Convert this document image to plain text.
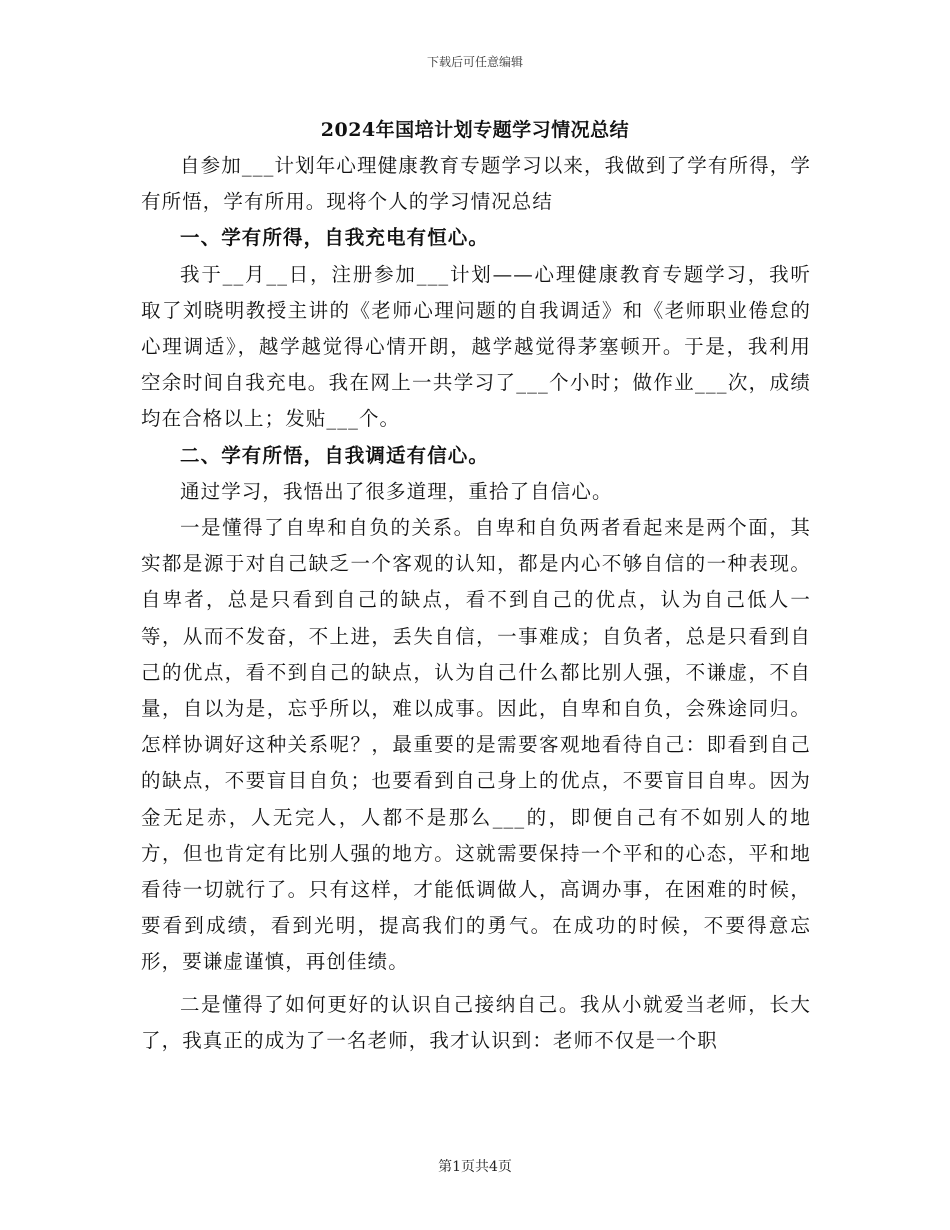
下载后可任意编辑
2024年国培计划专题学习情况总结

自参加___计划年心理健康教育专题学习以来，我做到了学有所得，学有所悟，学有所用。现将个人的学习情况总结

一、学有所得，自我充电有恒心。

我于__月__日，注册参加___计划——心理健康教育专题学习，我听取了刘晓明教授主讲的《老师心理问题的自我调适》和《老师职业倦怠的心理调适》，越学越觉得心情开朗，越学越觉得茅塞顿开。于是，我利用空余时间自我充电。我在网上一共学习了___个小时；做作业___次，成绩均在合格以上；发贴___个。

二、学有所悟，自我调适有信心。

通过学习，我悟出了很多道理，重拾了自信心。

一是懂得了自卑和自负的关系。自卑和自负两者看起来是两个面，其实都是源于对自己缺乏一个客观的认知，都是内心不够自信的一种表现。自卑者，总是只看到自己的缺点，看不到自己的优点，认为自己低人一等，从而不发奋，不上进，丢失自信，一事难成；自负者，总是只看到自己的优点，看不到自己的缺点，认为自己什么都比别人强，不谦虚，不自量，自以为是，忘乎所以，难以成事。因此，自卑和自负，会殊途同归。怎样协调好这种关系呢？，最重要的是需要客观地看待自己：即看到自己的缺点，不要盲目自负；也要看到自己身上的优点，不要盲目自卑。因为金无足赤，人无完人，人都不是那么___的，即便自己有不如别人的地方，但也肯定有比别人强的地方。这就需要保持一个平和的心态，平和地看待一切就行了。只有这样，才能低调做人，高调办事，在困难的时候，要看到成绩，看到光明，提高我们的勇气。在成功的时候，不要得意忘形，要谦虚谨慎，再创佳绩。

二是懂得了如何更好的认识自己接纳自己。我从小就爱当老师，长大了，我真正的成为了一名老师，我才认识到：老师不仅是一个职

第1页共4页
